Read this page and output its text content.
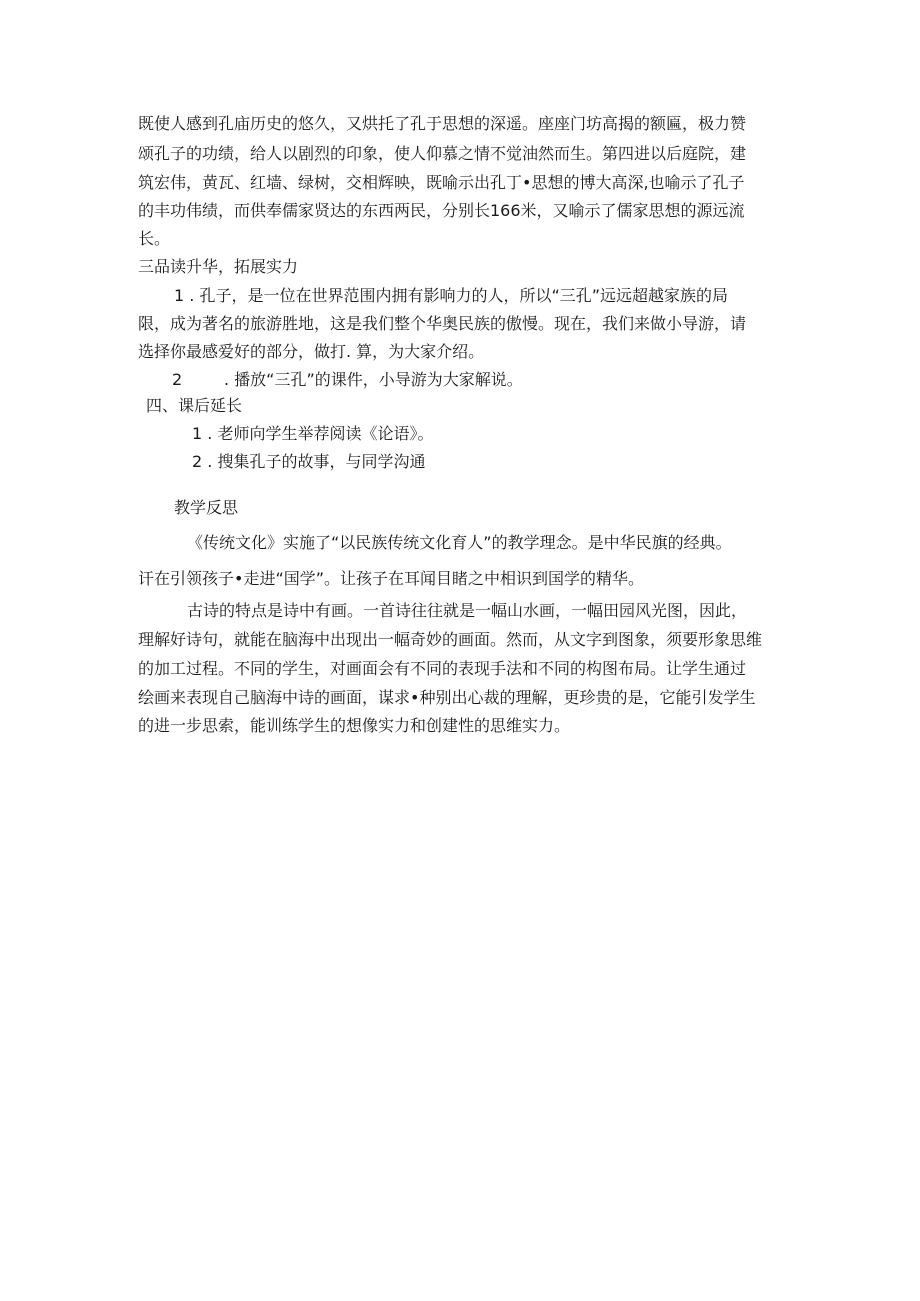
既使人感到孔庙历史的悠久，又烘托了孔于思想的深遥。座座门坊高揭的额匾，极力赞
颂孔子的功绩，给人以剧烈的印象，使人仰慕之情不觉油然而生。第四进以后庭院，建
筑宏伟，黄瓦、红墙、绿树，交相辉映，既喻示出孔丁•思想的博大高深,也喻示了孔子
的丰功伟绩，而供奉儒家贤达的东西两民，分别长166米，又喻示了儒家思想的源远流
长。
三品读升华，拓展实力
1 . 孔子，是一位在世界范围内拥有影响力的人，所以“三孔”远远超越家族的局
限，成为著名的旅游胜地，这是我们整个华奥民族的傲慢。现在，我们来做小导游，请
选择你最感爱好的部分，做打. 算，为大家介绍。
2	. 播放“三孔”的课件，小导游为大家解说。
四、课后延长
1 . 老师向学生举荐阅读《论语》。
2 . 搜集孔子的故事，与同学沟通
教学反思
《传统文化》实施了“以民族传统文化育人”的教学理念。是中华民旗的经典。
讦在引领孩子•走进“国学”。让孩子在耳闻目睹之中相识到国学的精华。
古诗的特点是诗中有画。一首诗往往就是一幅山水画，一幅田园风光图，因此，
理解好诗句，就能在脑海中出现出一幅奇妙的画面。然而，从文字到图象，须要形象思维
的加工过程。不同的学生，对画面会有不同的表现手法和不同的构图布局。让学生通过
绘画来表现自己脑海中诗的画面，谋求•种别出心裁的理解，更珍贵的是，它能引发学生
的进一步思索，能训练学生的想像实力和创建性的思维实力。
